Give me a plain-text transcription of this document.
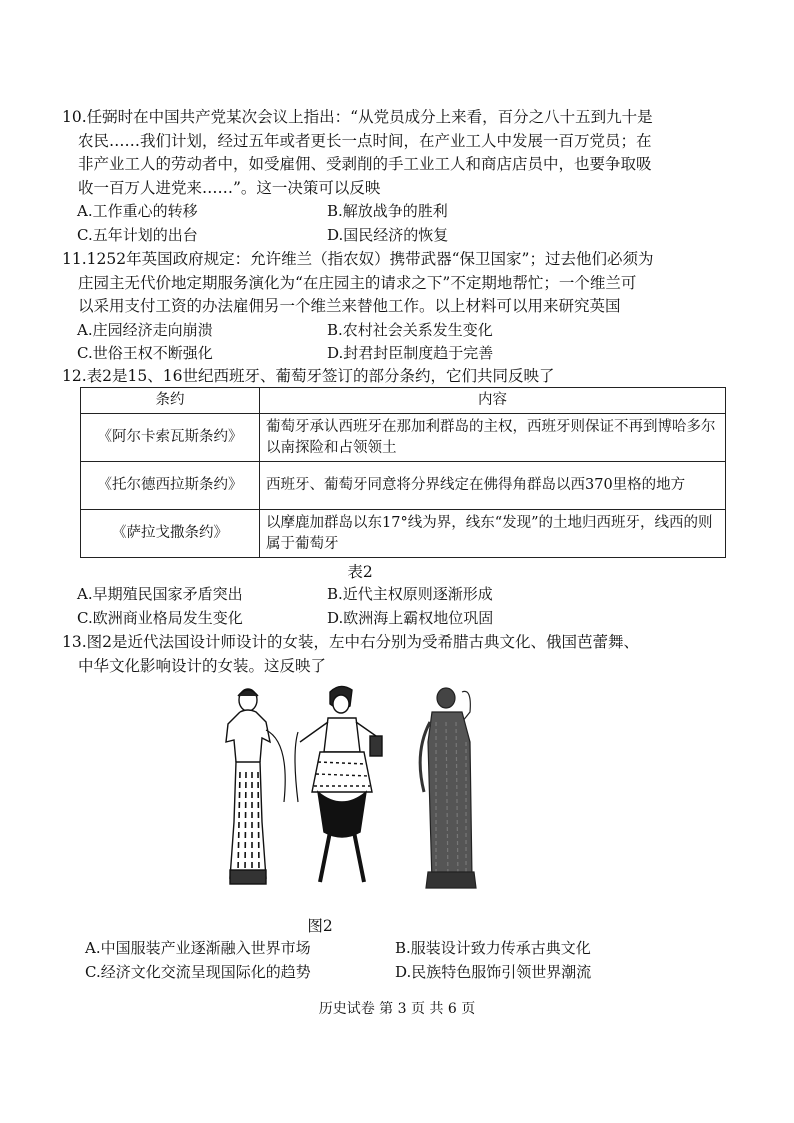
10.任弼时在中国共产党某次会议上指出：“从党员成分上来看，百分之八十五到九十是

农民……我们计划，经过五年或者更长一点时间，在产业工人中发展一百万党员；在

非产业工人的劳动者中，如受雇佣、受剥削的手工业工人和商店店员中，也要争取吸

收一百万人进党来……”。这一决策可以反映

A.工作重心的转移	B.解放战争的胜利
C.五年计划的出台	D.国民经济的恢复

11.1252年英国政府规定：允许维兰（指农奴）携带武器“保卫国家”；过去他们必须为

庄园主无代价地定期服务演化为“在庄园主的请求之下”不定期地帮忙；一个维兰可

以采用支付工资的办法雇佣另一个维兰来替他工作。以上材料可以用来研究英国

A.庄园经济走向崩溃	B.农村社会关系发生变化
C.世俗王权不断强化	D.封君封臣制度趋于完善

12.表2是15、16世纪西班牙、葡萄牙签订的部分条约，它们共同反映了

条约	内容
《阿尔卡索瓦斯条约》	葡萄牙承认西班牙在那加利群岛的主权，西班牙则保证不再到博哈多尔以南探险和占领领土
《托尔德西拉斯条约》	西班牙、葡萄牙同意将分界线定在佛得角群岛以西370里格的地方
《萨拉戈撒条约》	以摩鹿加群岛以东17°线为界，线东“发现”的土地归西班牙，线西的则属于葡萄牙
表2
A.早期殖民国家矛盾突出	B.近代主权原则逐渐形成
C.欧洲商业格局发生变化	D.欧洲海上霸权地位巩固

13.图2是近代法国设计师设计的女装，左中右分别为受希腊古典文化、俄国芭蕾舞、

中华文化影响设计的女装。这反映了

图2
A.中国服装产业逐渐融入世界市场	B.服装设计致力传承古典文化
C.经济文化交流呈现国际化的趋势	D.民族特色服饰引领世界潮流
历史试卷 第 3 页 共 6 页
